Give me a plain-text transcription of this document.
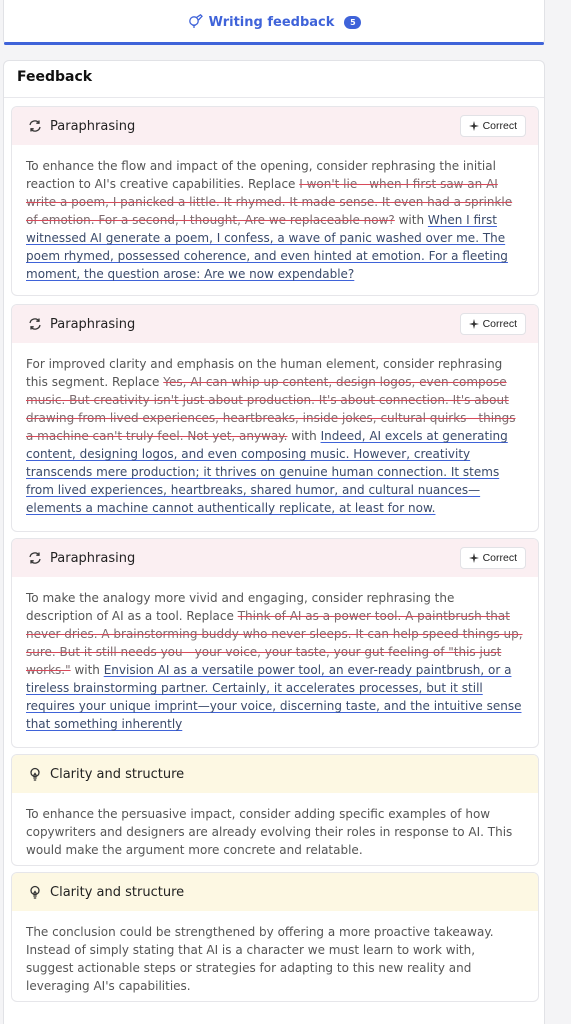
Writing feedback	5
Feedback
Paraphrasing	Correct
To enhance the flow and impact of the opening, consider rephrasing the initial reaction to AI's creative capabilities. Replace I won't lie—when I first saw an AI write a poem, I panicked a little. It rhymed. It made sense. It even had a sprinkle of emotion. For a second, I thought, Are we replaceable now? with When I first witnessed AI generate a poem, I confess, a wave of panic washed over me. The poem rhymed, possessed coherence, and even hinted at emotion. For a fleeting moment, the question arose: Are we now expendable?
Paraphrasing	Correct
For improved clarity and emphasis on the human element, consider rephrasing this segment. Replace Yes, AI can whip up content, design logos, even compose music. But creativity isn't just about production. It's about connection. It's about drawing from lived experiences, heartbreaks, inside jokes, cultural quirks—things a machine can't truly feel. Not yet, anyway. with Indeed, AI excels at generating content, designing logos, and even composing music. However, creativity transcends mere production; it thrives on genuine human connection. It stems from lived experiences, heartbreaks, shared humor, and cultural nuances—elements a machine cannot authentically replicate, at least for now.
Paraphrasing	Correct
To make the analogy more vivid and engaging, consider rephrasing the description of AI as a tool. Replace Think of AI as a power tool. A paintbrush that never dries. A brainstorming buddy who never sleeps. It can help speed things up, sure. But it still needs you—your voice, your taste, your gut feeling of "this just works." with Envision AI as a versatile power tool, an ever-ready paintbrush, or a tireless brainstorming partner. Certainly, it accelerates processes, but it still requires your unique imprint—your voice, discerning taste, and the intuitive sense that something inherently
Clarity and structure
To enhance the persuasive impact, consider adding specific examples of how copywriters and designers are already evolving their roles in response to AI. This would make the argument more concrete and relatable.
Clarity and structure
The conclusion could be strengthened by offering a more proactive takeaway. Instead of simply stating that AI is a character we must learn to work with, suggest actionable steps or strategies for adapting to this new reality and leveraging AI's capabilities.
